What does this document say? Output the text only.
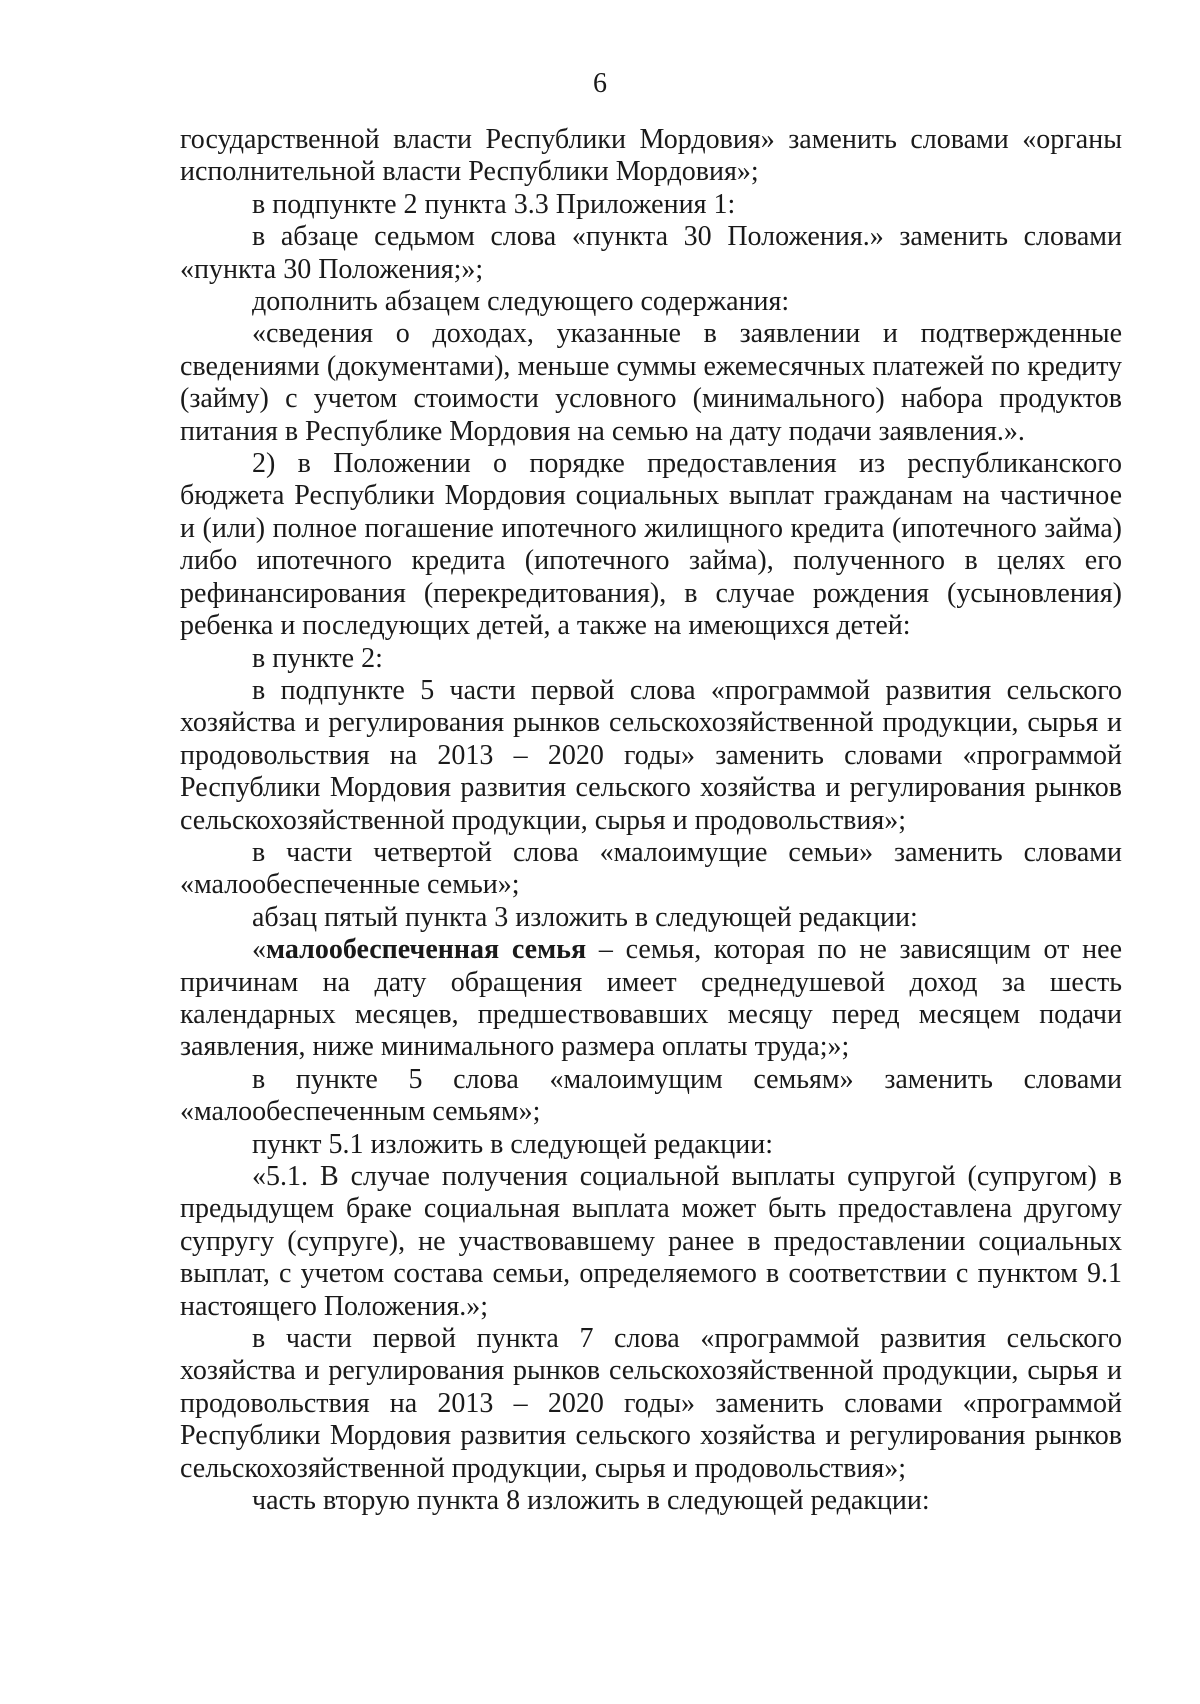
6

государственной власти Республики Мордовия» заменить словами «органы исполнительной власти Республики Мордовия»;

в подпункте 2 пункта 3.3 Приложения 1:

в абзаце седьмом слова «пункта 30 Положения.» заменить словами «пункта 30 Положения;»;

дополнить абзацем следующего содержания:

«сведения о доходах, указанные в заявлении и подтвержденные сведениями (документами), меньше суммы ежемесячных платежей по кредиту (займу) с учетом стоимости условного (минимального) набора продуктов питания в Республике Мордовия на семью на дату подачи заявления.».

2) в Положении о порядке предоставления из республиканского бюджета Республики Мордовия социальных выплат гражданам на частичное и (или) полное погашение ипотечного жилищного кредита (ипотечного займа) либо ипотечного кредита (ипотечного займа), полученного в целях его рефинансирования (перекредитования), в случае рождения (усыновления) ребенка и последующих детей, а также на имеющихся детей:

в пункте 2:

в подпункте 5 части первой слова «программой развития сельского хозяйства и регулирования рынков сельскохозяйственной продукции, сырья и продовольствия на 2013 – 2020 годы» заменить словами «программой Республики Мордовия развития сельского хозяйства и регулирования рынков сельскохозяйственной продукции, сырья и продовольствия»;

в части четвертой слова «малоимущие семьи» заменить словами «малообеспеченные семьи»;

абзац пятый пункта 3 изложить в следующей редакции:

«малообеспеченная семья – семья, которая по не зависящим от нее причинам на дату обращения имеет среднедушевой доход за шесть календарных месяцев, предшествовавших месяцу перед месяцем подачи заявления, ниже минимального размера оплаты труда;»;

в пункте 5 слова «малоимущим семьям» заменить словами «малообеспеченным семьям»;

пункт 5.1 изложить в следующей редакции:

«5.1. В случае получения социальной выплаты супругой (супругом) в предыдущем браке социальная выплата может быть предоставлена другому супругу (супруге), не участвовавшему ранее в предоставлении социальных выплат, с учетом состава семьи, определяемого в соответствии с пунктом 9.1 настоящего Положения.»;

в части первой пункта 7 слова «программой развития сельского хозяйства и регулирования рынков сельскохозяйственной продукции, сырья и продовольствия на 2013 – 2020 годы» заменить словами «программой Республики Мордовия развития сельского хозяйства и регулирования рынков сельскохозяйственной продукции, сырья и продовольствия»;

часть вторую пункта 8 изложить в следующей редакции:
